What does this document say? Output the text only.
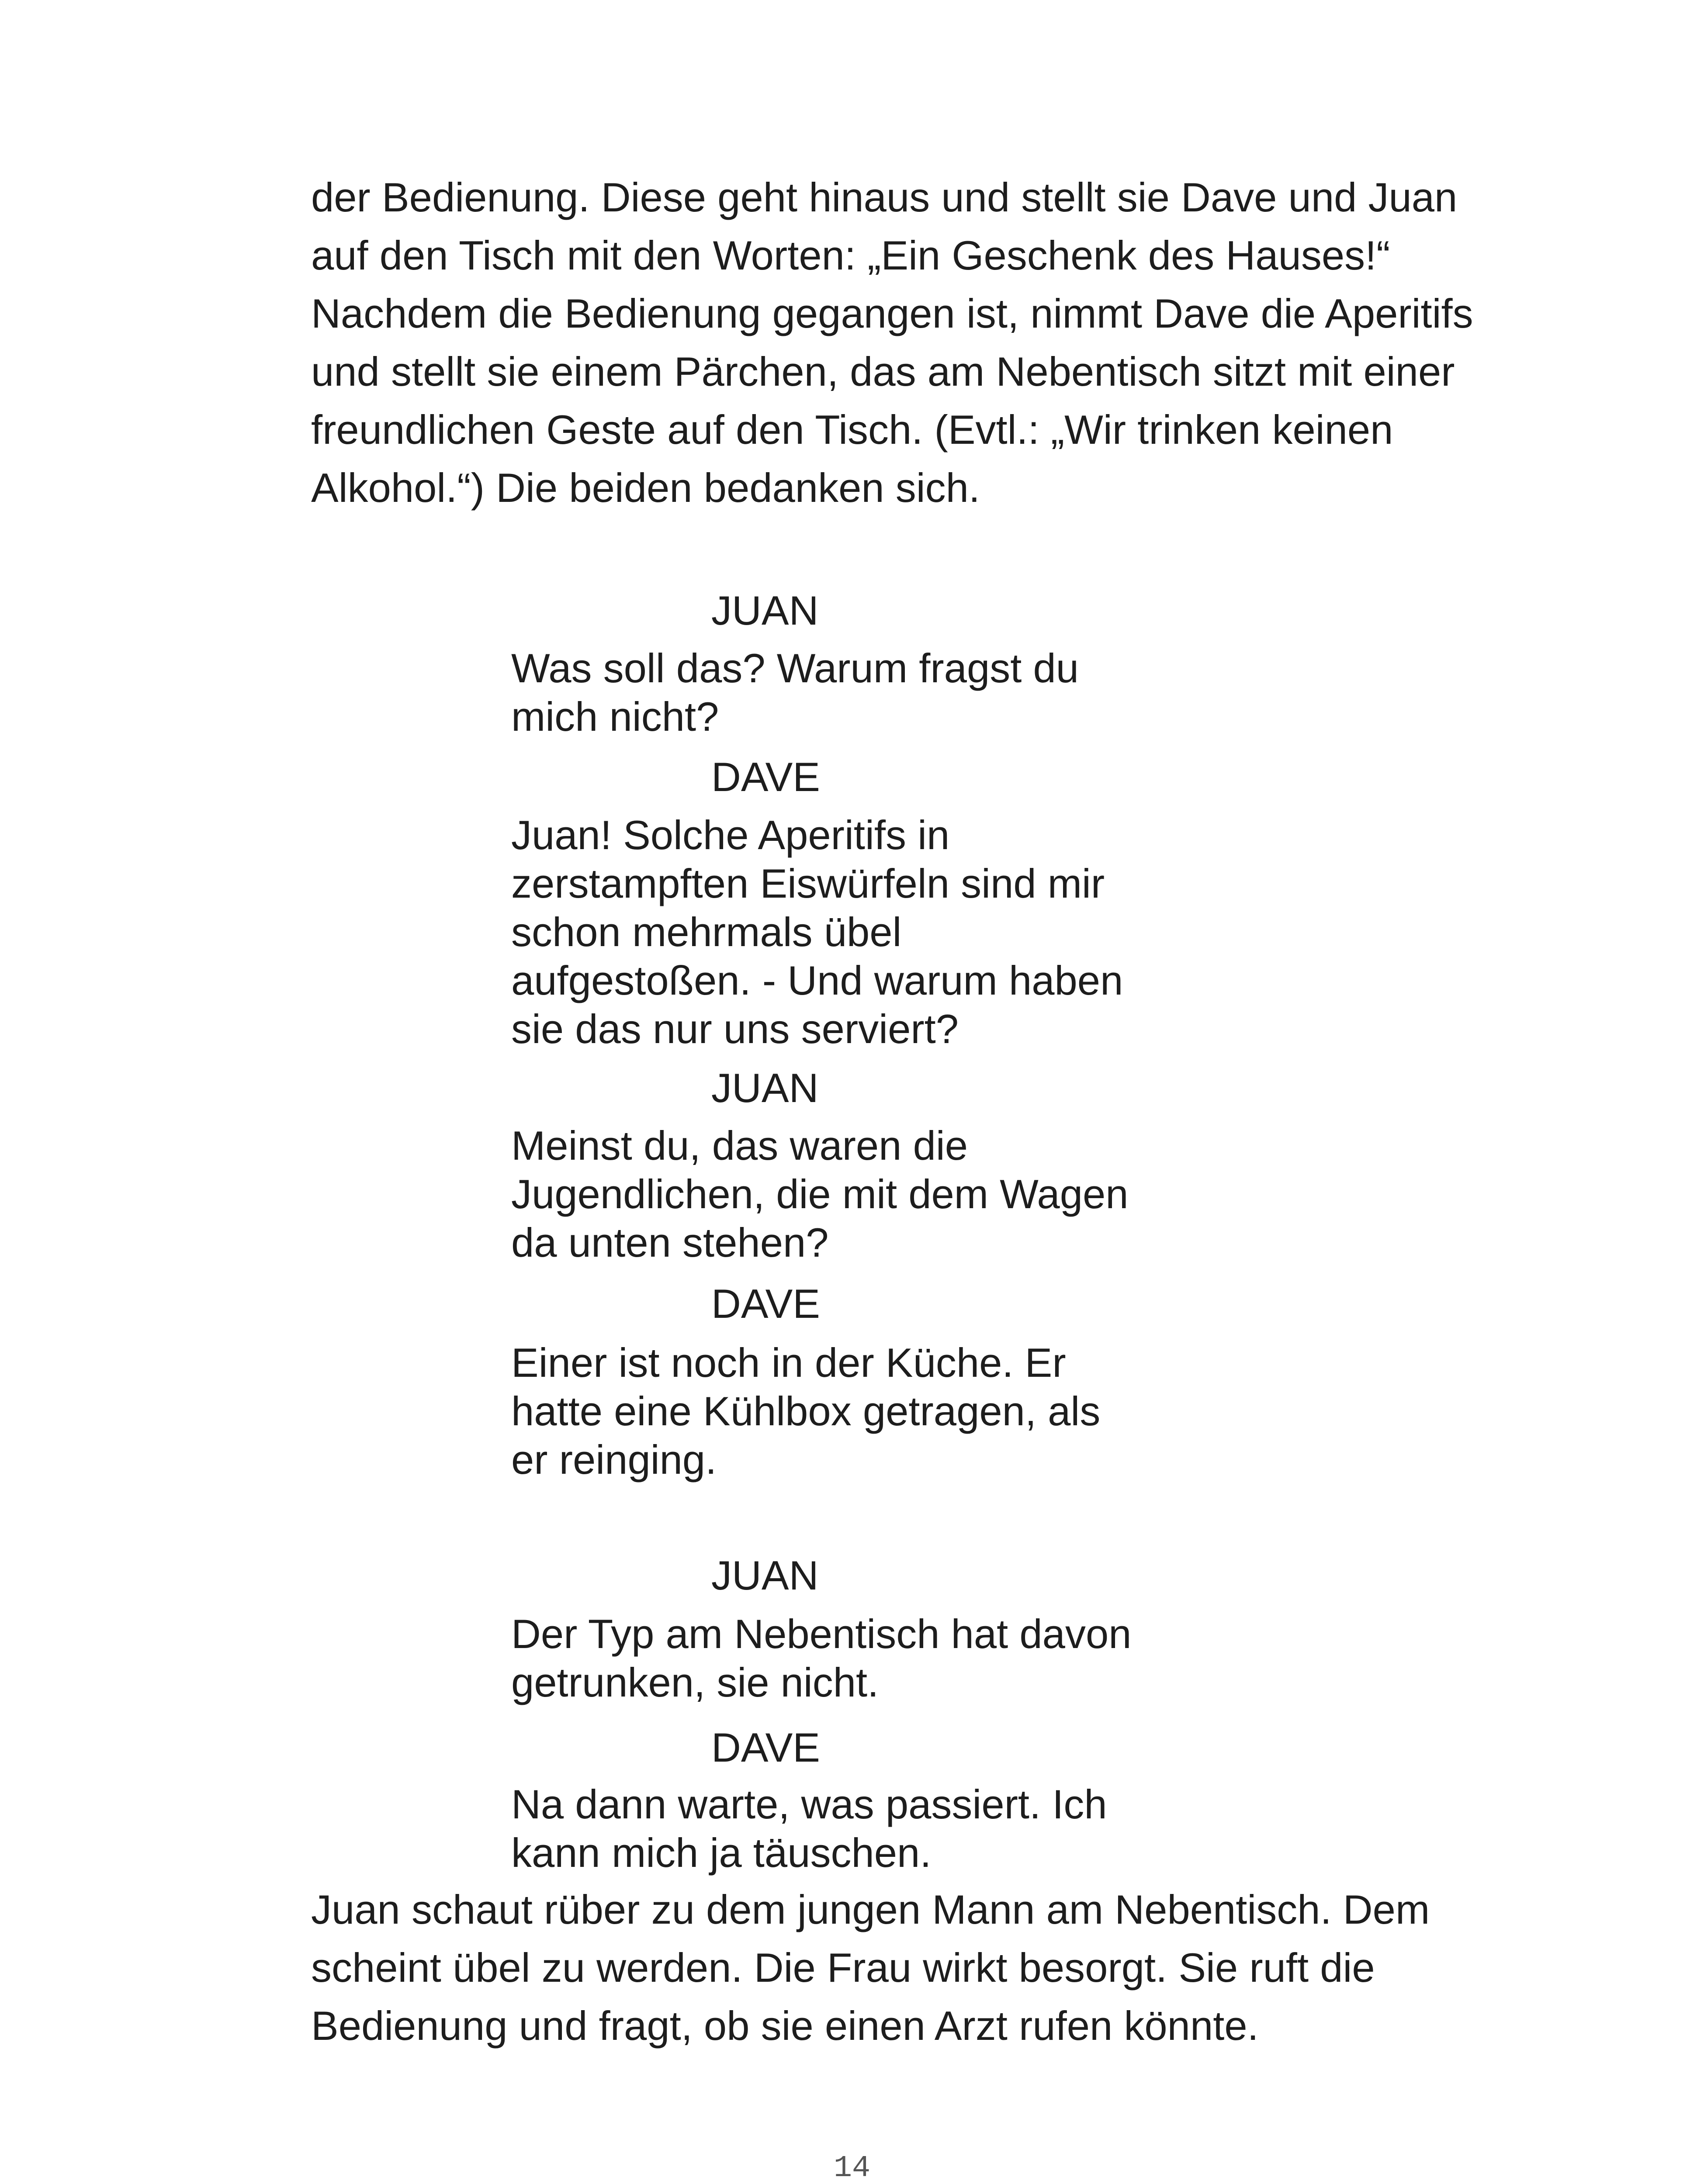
der Bedienung. Diese geht hinaus und stellt sie Dave und Juan auf den Tisch mit den Worten: „Ein Geschenk des Hauses!“ Nachdem die Bedienung gegangen ist, nimmt Dave die Aperitifs und stellt sie einem Pärchen, das am Nebentisch sitzt mit einer freundlichen Geste auf den Tisch. (Evtl.: „Wir trinken keinen Alkohol.“) Die beiden bedanken sich.

JUAN
Was soll das? Warum fragst du
mich nicht?
DAVE
Juan! Solche Aperitifs in
zerstampften Eiswürfeln sind mir
schon mehrmals übel
aufgestoßen. - Und warum haben
sie das nur uns serviert?
JUAN
Meinst du, das waren die
Jugendlichen, die mit dem Wagen
da unten stehen?
DAVE
Einer ist noch in der Küche. Er
hatte eine Kühlbox getragen, als
er reinging.
JUAN
Der Typ am Nebentisch hat davon
getrunken, sie nicht.
DAVE
Na dann warte, was passiert. Ich
kann mich ja täuschen.

Juan schaut rüber zu dem jungen Mann am Nebentisch. Dem scheint übel zu werden. Die Frau wirkt besorgt. Sie ruft die Bedienung und fragt, ob sie einen Arzt rufen könnte.

14
